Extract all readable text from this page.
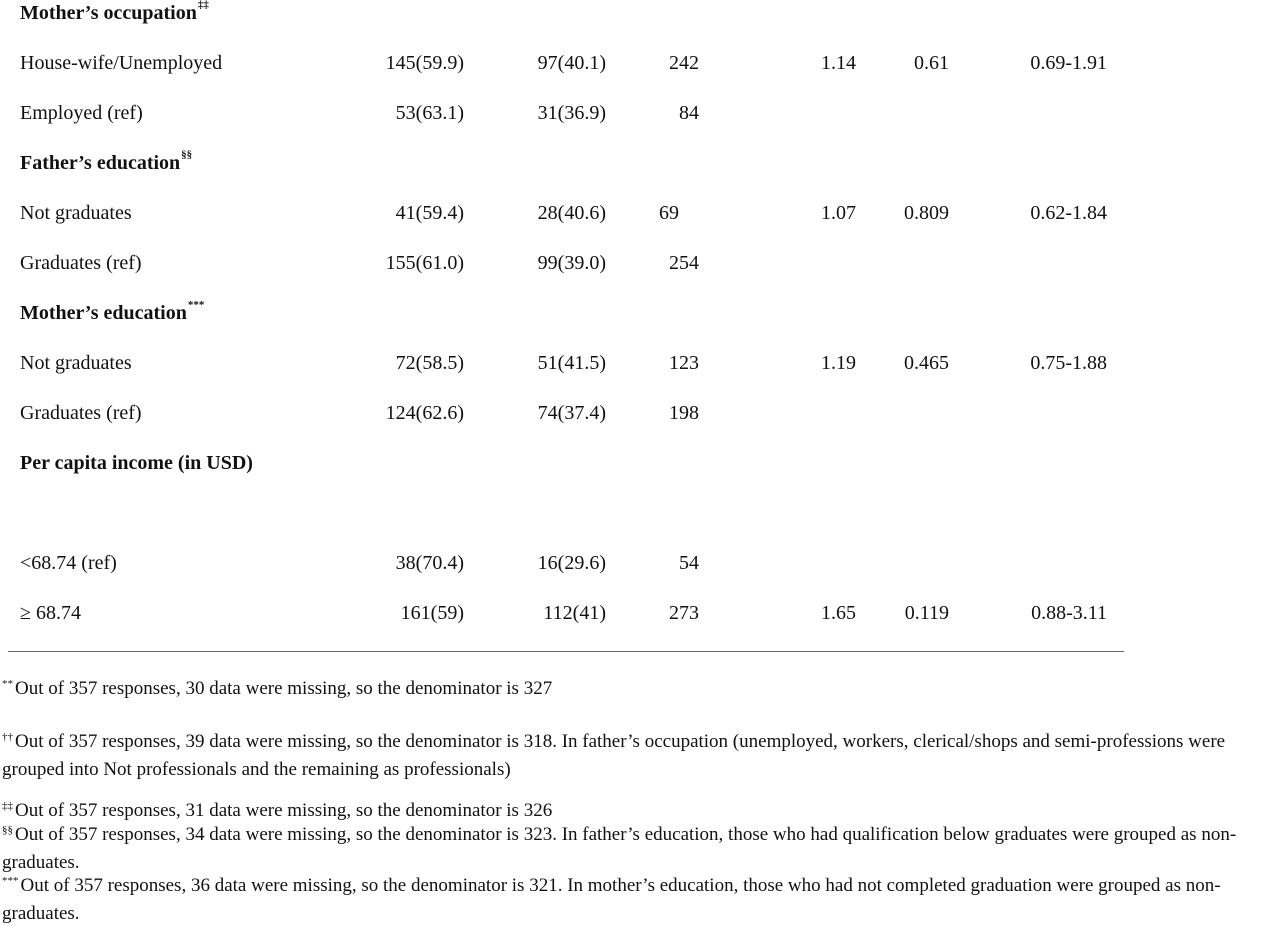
Mother’s occupation‡‡
House-wife/Unemployed	145(59.9)	97(40.1)	242	1.14	0.61	0.69-1.91
Employed (ref)	53(63.1)	31(36.9)	84
Father’s education§§
Not graduates	41(59.4)	28(40.6)	69	1.07	0.809	0.62-1.84
Graduates (ref)	155(61.0)	99(39.0)	254
Mother’s education***
Not graduates	72(58.5)	51(41.5)	123	1.19	0.465	0.75-1.88
Graduates (ref)	124(62.6)	74(37.4)	198
Per capita income (in USD)
<68.74 (ref)	38(70.4)	16(29.6)	54
≥ 68.74	161(59)	112(41)	273	1.65	0.119	0.88-3.11
** Out of 357 responses, 30 data were missing, so the denominator is 327
†† Out of 357 responses, 39 data were missing, so the denominator is 318. In father’s occupation (unemployed, workers, clerical/shops and semi-professions were grouped into Not professionals and the remaining as professionals)
‡‡ Out of 357 responses, 31 data were missing, so the denominator is 326
§§ Out of 357 responses, 34 data were missing, so the denominator is 323. In father’s education, those who had qualification below graduates were grouped as non-graduates.
*** Out of 357 responses, 36 data were missing, so the denominator is 321. In mother’s education, those who had not completed graduation were grouped as non-graduates.
